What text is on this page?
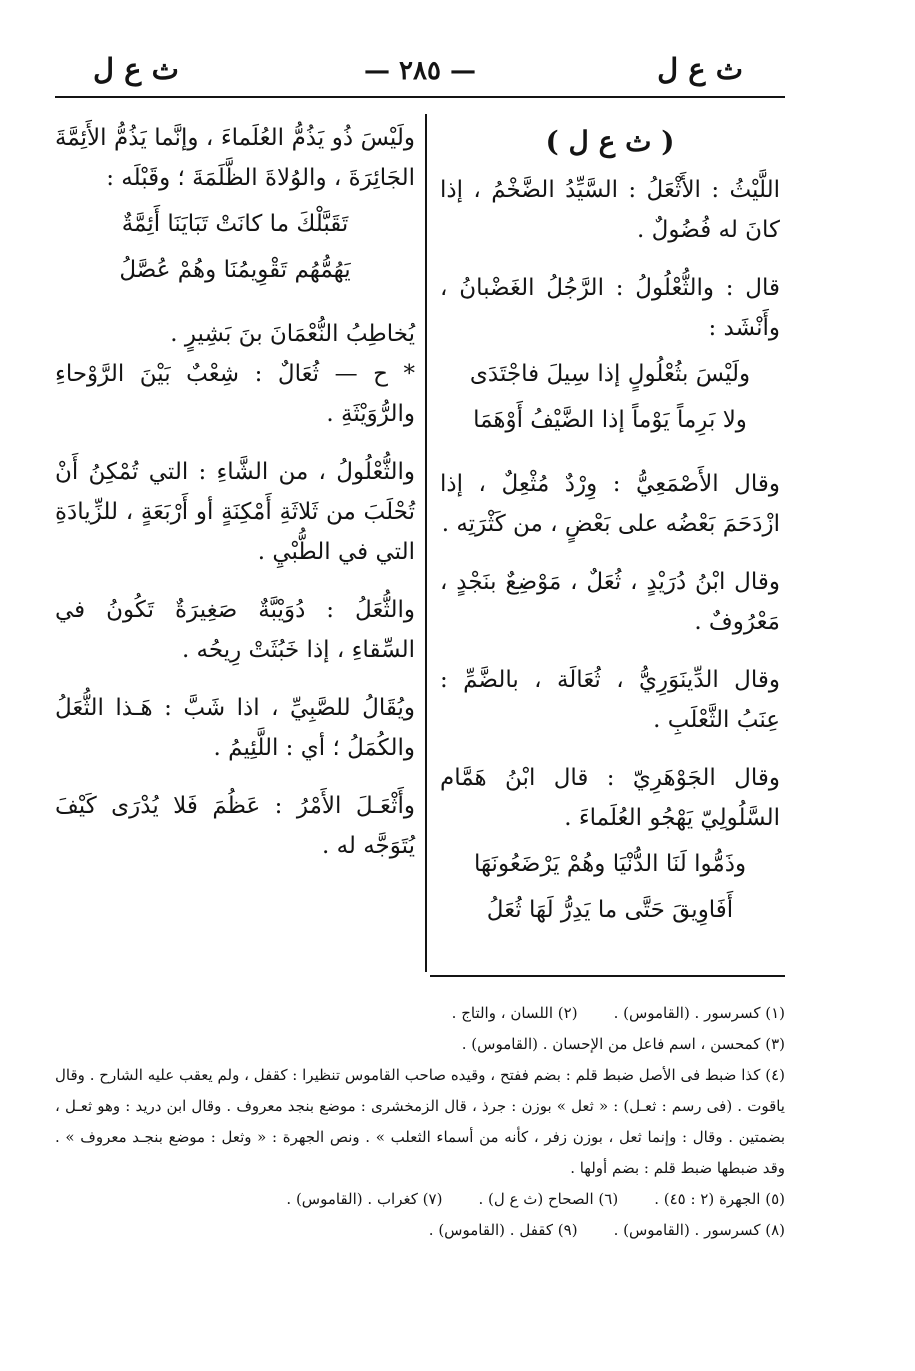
ث ع ل
— ٢٨٥ —
ث ع ل

( ث ع ل )

اللَّيْثُ : الأَثْعَلُ : السَّيِّدُ الضَّخْمُ ، إذا كانَ له فُضُولٌ .

قال : والثُّعْلُولُ : الرَّجُلُ الغَضْبانُ ، وأَنْشَد :

ولَيْسَ بثُعْلُولٍ إذا سِيلَ فاجْتَدَى

ولا بَرِماً يَوْماً إذا الضَّيْفُ أَوْهَمَا

وقال الأَصْمَعِيُّ : وِرْدٌ مُثْعِلٌ ، إذا ازْدَحَمَ بَعْضُه على بَعْضٍ ، من كَثْرَتِه .

وقال ابْنُ دُرَيْدٍ ، ثُعَلٌ ، مَوْضِعٌ بنَجْدٍ ، مَعْرُوفٌ .

وقال الدِّينَوَرِيُّ ، ثُعَالَة ، بالضَّمِّ : عِنَبُ الثَّعْلَبِ .

وقال الجَوْهَرِيّ : قال ابْنُ هَمَّام السَّلُولِيّ يَهْجُو العُلَماءَ .

وذَمُّوا لَنَا الدُّنْيَا وهُمْ يَرْضَعُونَهَا

أَفَاوِيقَ حَتَّى ما يَدِرُّ لَهَا ثُعَلُ

ولَيْسَ ذُو يَذُمُّ العُلَماءَ ، وإنَّما يَذُمُّ الأَئِمَّةَ الجَائِرَةَ ، والوُلاةَ الظَّلَمَةَ ؛ وقَبْلَه :

تَقَبَّلْكَ ما كانَتْ تَبَايَنَا أَئِمَّةٌ

يَهُمُّهُم تَقْوِيمُنَا وهُمْ عُصَّلُ

يُخاطِبُ النُّعْمَانَ بنَ بَشِيرٍ .

* ح — ثُعَالٌ : شِعْبٌ بَيْنَ الرَّوْحاءِ والرُّوَيْثَةِ .

والثُّعْلُولُ ، من الشَّاءِ : التي تُمْكِنُ أَنْ تُحْلَبَ من ثَلاثَةِ أَمْكِنَةٍ أو أَرْبَعَةٍ ، للزِّيادَةِ التي في الطُّبْيِ .

والثُّعَلُ : دُوَيْبَّةٌ صَغِيرَةٌ تَكُونُ في السِّقاءِ ، إذا خَبُثَتْ رِيحُه .

ويُقَالُ للصَّبِيِّ ، اذا شَبَّ : هَـذا الثُّعَلُ والكُمَلُ ؛ أي : اللَّئِيمُ .

وأَثْعَـلَ الأَمْرُ : عَظُمَ فَلا يُدْرَى كَيْفَ يُتَوَجَّه له .

(١) كسرسور . (القاموس) .

(٢) اللسان ، والتاج .

(٣) كمحسن ، اسم فاعل من الإحسان . (القاموس) .

(٤) كذا ضبط فى الأصل ضبط قلم : بضم ففتح ، وقيده صاحب القاموس تنظيرا : كقفل ، ولم يعقب عليه الشارح . وقال ياقوت . (فى رسم : ثعـل) : « ثعل » بوزن : جرذ ، قال الزمخشرى : موضع بنجد معروف . وقال ابن دريد : وهو ثعـل ، بضمتين . وقال : وإنما ثعل ، بوزن زفر ، كأنه من أسماء الثعلب » . ونص الجهرة : « وثعل : موضع بنجـد معروف » . وقد ضبطها ضبط قلم : بضم أولها .

(٥) الجهرة (٢ : ٤٥) .

(٦) الصحاح (ث ع ل) .

(٧) كغراب . (القاموس) .

(٨) كسرسور . (القاموس) .

(٩) كقفل . (القاموس) .
